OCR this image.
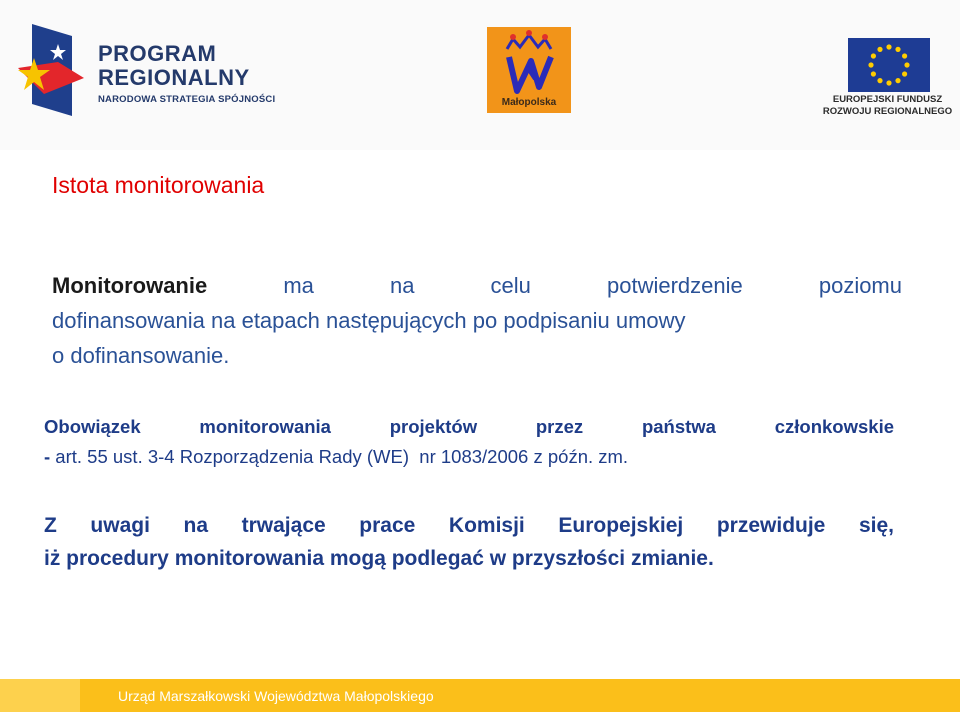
PROGRAM
REGIONALNY
NARODOWA STRATEGIA SPÓJNOŚCI	Małopolska	EUROPEJSKI FUNDUSZ
ROZWOJU REGIONALNEGO
Istota monitorowania
Monitorowanie ma na celu potwierdzenie poziomu
dofinansowania na etapach następujących po podpisaniu umowy
o dofinansowanie.
Obowiązek monitorowania projektów przez państwa członkowskie
- art. 55 ust. 3-4 Rozporządzenia Rady (WE)  nr 1083/2006 z późn. zm.
Z uwagi na trwające prace Komisji Europejskiej przewiduje się,
iż procedury monitorowania mogą podlegać w przyszłości zmianie.
Urząd Marszałkowski Województwa Małopolskiego
